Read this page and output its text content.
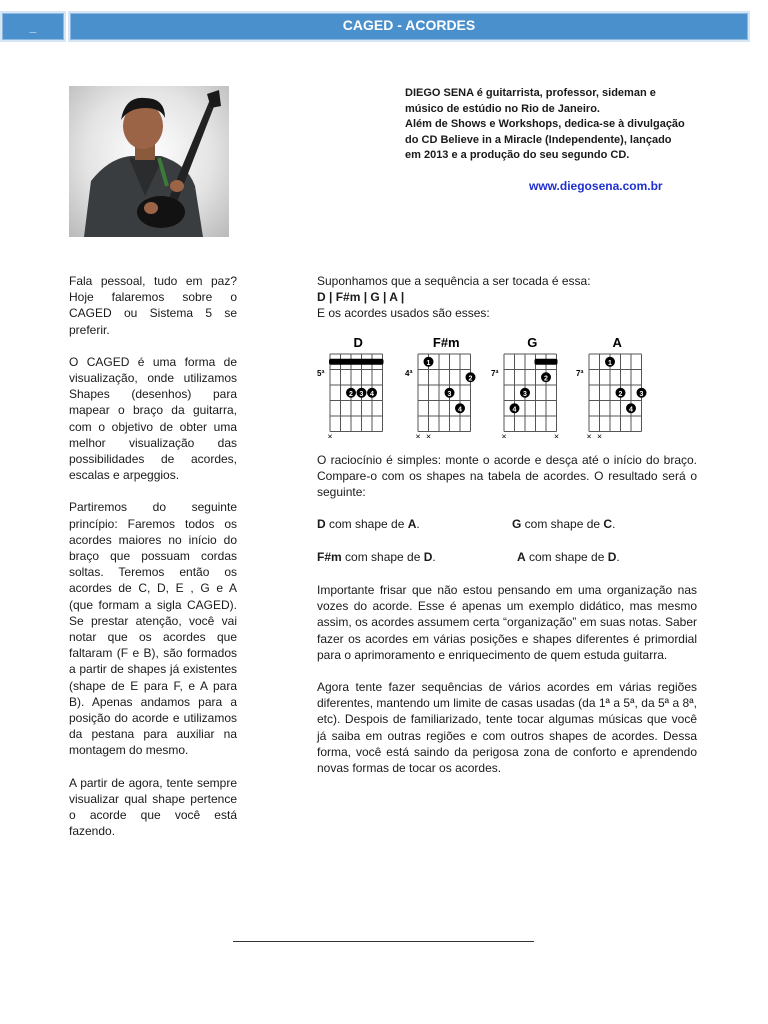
_	CAGED - ACORDES

DIEGO SENA é guitarrista, professor, sideman e

músico de estúdio no Rio de Janeiro.

Além de Shows e Workshops, dedica-se à divulgação

do CD Believe in a Miracle (Independente), lançado

em 2013 e a produção do seu segundo CD.

www.diegosena.com.br

Fala pessoal, tudo em paz? Hoje falaremos sobre o CAGED ou Sistema 5 se preferir.

O CAGED é uma forma de visualização, onde utilizamos Shapes (desenhos) para mapear o braço da guitarra, com o objetivo de obter uma melhor visualização das possibilidades de acordes, escalas e arpeggios.

Partiremos do seguinte princípio: Faremos todos os acordes maiores no início do braço que possuam cordas soltas. Teremos então os acordes de C, D, E , G e A (que formam a sigla CAGED). Se prestar atenção, você vai notar que os acordes que faltaram (F e B), são formados a partir de shapes já existentes (shape de E para F, e A para B). Apenas andamos para a posição do acorde e utilizamos da pestana para auxiliar na montagem do mesmo.

A partir de agora, tente sempre visualizar qual shape pertence o acorde que você está fazendo.

Suponhamos que a sequência a ser tocada é essa:
D | F#m | G | A |
E os acordes usados são esses:
D
5ª
2 3 4
×
F#m
4ª
1
2
3
4
× ×
G
7ª
2
3
4
×	×
A
7ª
1
2 3
4
× ×

O raciocínio é simples: monte o acorde e desça até o início do braço. Compare-o com os shapes na tabela de acordes. O resultado será o seguinte:

D com shape de A.	G com shape de C.
F#m com shape de D.	A com shape de D.

Importante frisar que não estou pensando em uma organização nas vozes do acorde. Esse é apenas um exemplo didático, mas mesmo assim, os acordes assumem certa “organização” em suas notas. Saber fazer os acordes em várias posições e shapes diferentes é primordial para o aprimoramento e enriquecimento de quem estuda guitarra.

Agora tente fazer sequências de vários acordes em várias regiões diferentes, mantendo um limite de casas usadas (da 1ª a 5ª, da 5ª a 8ª, etc). Despois de familiarizado, tente tocar algumas músicas que você já saiba em outras regiões e com outros shapes de acordes. Dessa forma, você está saindo da perigosa zona de conforto e aprendendo novas formas de tocar os acordes.
